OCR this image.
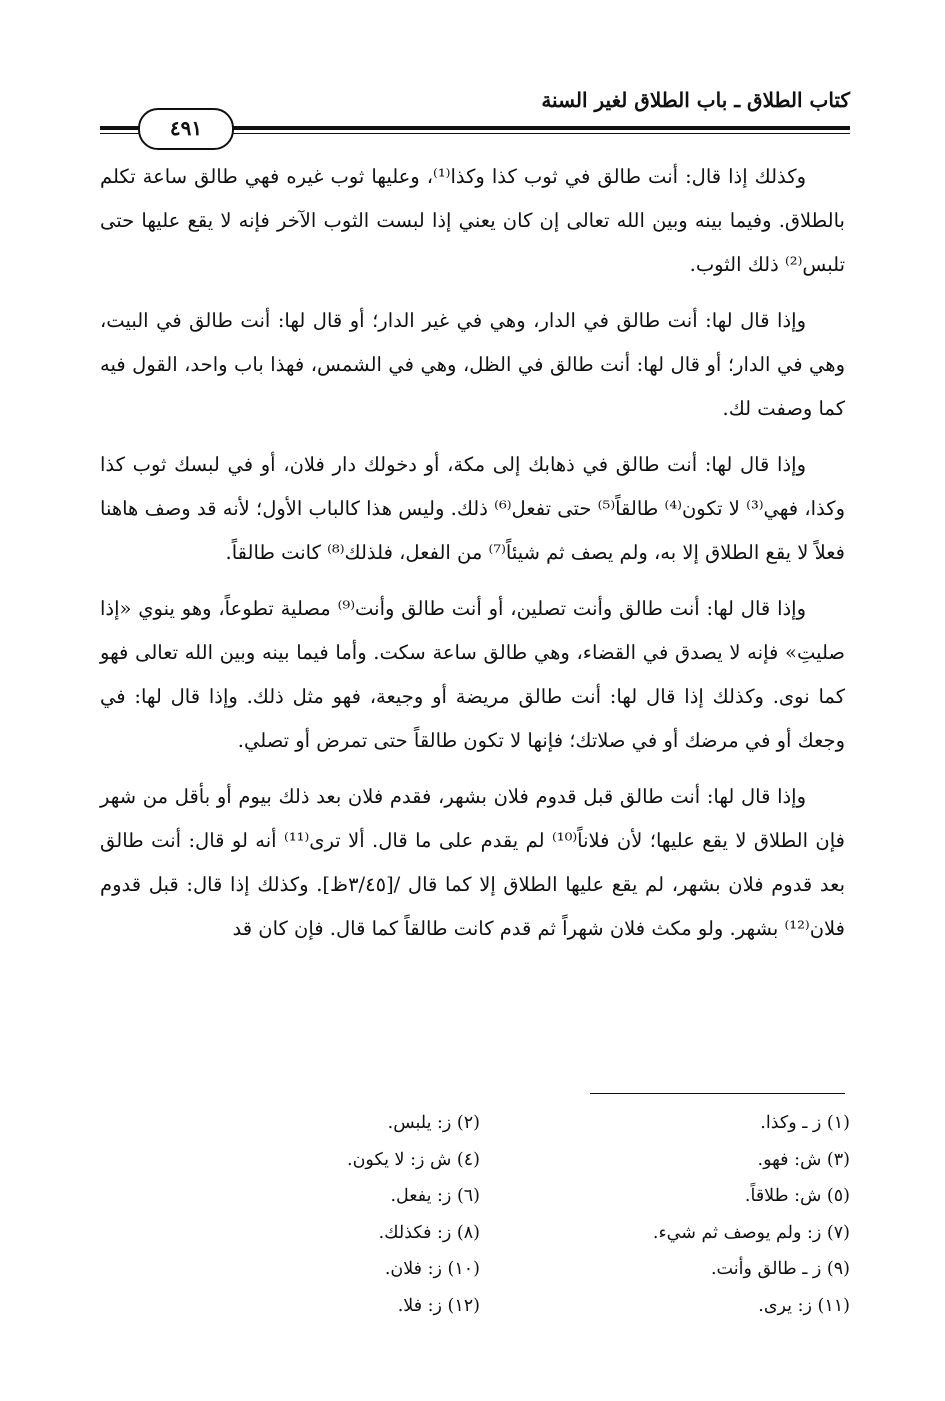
كتاب الطلاق ـ باب الطلاق لغير السنة
٤٩١

وكذلك إذا قال: أنت طالق في ثوب كذا وكذا⁽¹⁾، وعليها ثوب غيره فهي طالق ساعة تكلم بالطلاق. وفيما بينه وبين الله تعالى إن كان يعني إذا لبست الثوب الآخر فإنه لا يقع عليها حتى تلبس⁽²⁾ ذلك الثوب.

وإذا قال لها: أنت طالق في الدار، وهي في غير الدار؛ أو قال لها: أنت طالق في البيت، وهي في الدار؛ أو قال لها: أنت طالق في الظل، وهي في الشمس، فهذا باب واحد، القول فيه كما وصفت لك.

وإذا قال لها: أنت طالق في ذهابك إلى مكة، أو دخولك دار فلان، أو في لبسك ثوب كذا وكذا، فهي⁽³⁾ لا تكون⁽⁴⁾ طالقاً⁽⁵⁾ حتى تفعل⁽⁶⁾ ذلك. وليس هذا كالباب الأول؛ لأنه قد وصف هاهنا فعلاً لا يقع الطلاق إلا به، ولم يصف ثم شيئاً⁽⁷⁾ من الفعل، فلذلك⁽⁸⁾ كانت طالقاً.

وإذا قال لها: أنت طالق وأنت تصلين، أو أنت طالق وأنت⁽⁹⁾ مصلية تطوعاً، وهو ينوي «إذا صليتِ» فإنه لا يصدق في القضاء، وهي طالق ساعة سكت. وأما فيما بينه وبين الله تعالى فهو كما نوى. وكذلك إذا قال لها: أنت طالق مريضة أو وجيعة، فهو مثل ذلك. وإذا قال لها: في وجعك أو في مرضك أو في صلاتك؛ فإنها لا تكون طالقاً حتى تمرض أو تصلي.

وإذا قال لها: أنت طالق قبل قدوم فلان بشهر، فقدم فلان بعد ذلك بيوم أو بأقل من شهر فإن الطلاق لا يقع عليها؛ لأن فلاناً⁽¹⁰⁾ لم يقدم على ما قال. ألا ترى⁽¹¹⁾ أنه لو قال: أنت طالق بعد قدوم فلان بشهر، لم يقع عليها الطلاق إلا كما قال /[٣/٤٥ظ]. وكذلك إذا قال: قبل قدوم فلان⁽¹²⁾ بشهر. ولو مكث فلان شهراً ثم قدم كانت طالقاً كما قال. فإن كان قد

(١) ز ـ وكذا.
(٢) ز: يلبس.
(٣) ش: فهو.
(٤) ش ز: لا يكون.
(٥) ش: طلاقاً.
(٦) ز: يفعل.
(٧) ز: ولم يوصف ثم شيء.
(٨) ز: فكذلك.
(٩) ز ـ طالق وأنت.
(١٠) ز: فلان.
(١١) ز: يرى.
(١٢) ز: فلا.
